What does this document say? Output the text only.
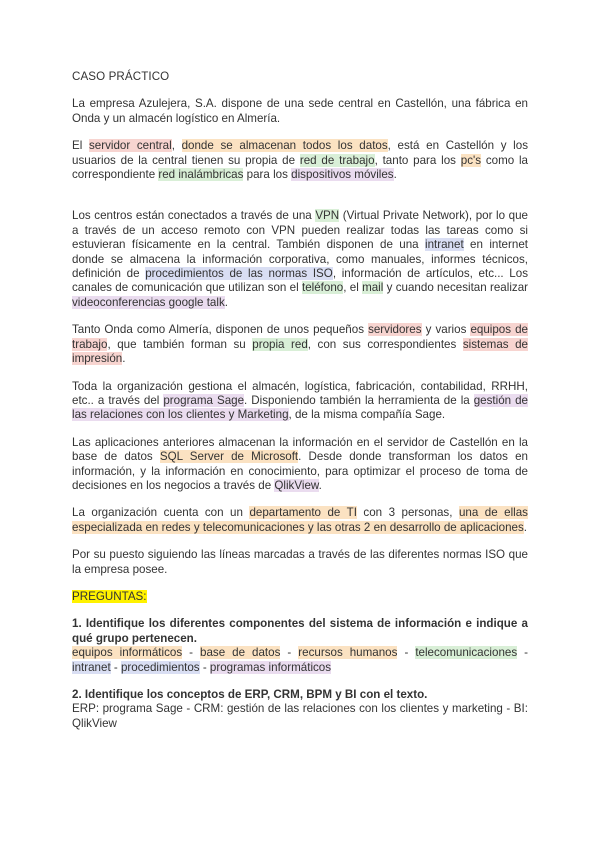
CASO PRÁCTICO

La empresa Azulejera, S.A. dispone de una sede central en Castellón, una fábrica en Onda y un almacén logístico en Almería.

El servidor central, donde se almacenan todos los datos, está en Castellón y los usuarios de la central tienen su propia de red de trabajo, tanto para los pc's como la correspondiente red inalámbricas para los dispositivos móviles.

Los centros están conectados a través de una VPN (Virtual Private Network), por lo que a través de un acceso remoto con VPN pueden realizar todas las tareas como si estuvieran físicamente en la central. También disponen de una intranet en internet donde se almacena la información corporativa, como manuales, informes técnicos, definición de procedimientos de las normas ISO, información de artículos, etc... Los canales de comunicación que utilizan son el teléfono, el mail y cuando necesitan realizar videoconferencias google talk.

Tanto Onda como Almería, disponen de unos pequeños servidores y varios equipos de trabajo, que también forman su propia red, con sus correspondientes sistemas de impresión.

Toda la organización gestiona el almacén, logística, fabricación, contabilidad, RRHH, etc.. a través del programa Sage. Disponiendo también la herramienta de la gestión de las relaciones con los clientes y Marketing, de la misma compañía Sage.

Las aplicaciones anteriores almacenan la información en el servidor de Castellón en la base de datos SQL Server de Microsoft. Desde donde transforman los datos en información, y la información en conocimiento, para optimizar el proceso de toma de decisiones en los negocios a través de QlikView.

La organización cuenta con un departamento de TI con 3 personas, una de ellas especializada en redes y telecomunicaciones y las otras 2 en desarrollo de aplicaciones.

Por su puesto siguiendo las líneas marcadas a través de las diferentes normas ISO que la empresa posee.

PREGUNTAS:

1. Identifique los diferentes componentes del sistema de información e indique a qué grupo pertenecen.
equipos informáticos - base de datos - recursos humanos - telecomunicaciones - intranet - procedimientos - programas informáticos
2. Identifique los conceptos de ERP, CRM, BPM y BI con el texto.
ERP: programa Sage - CRM: gestión de las relaciones con los clientes y marketing - BI: QlikView
